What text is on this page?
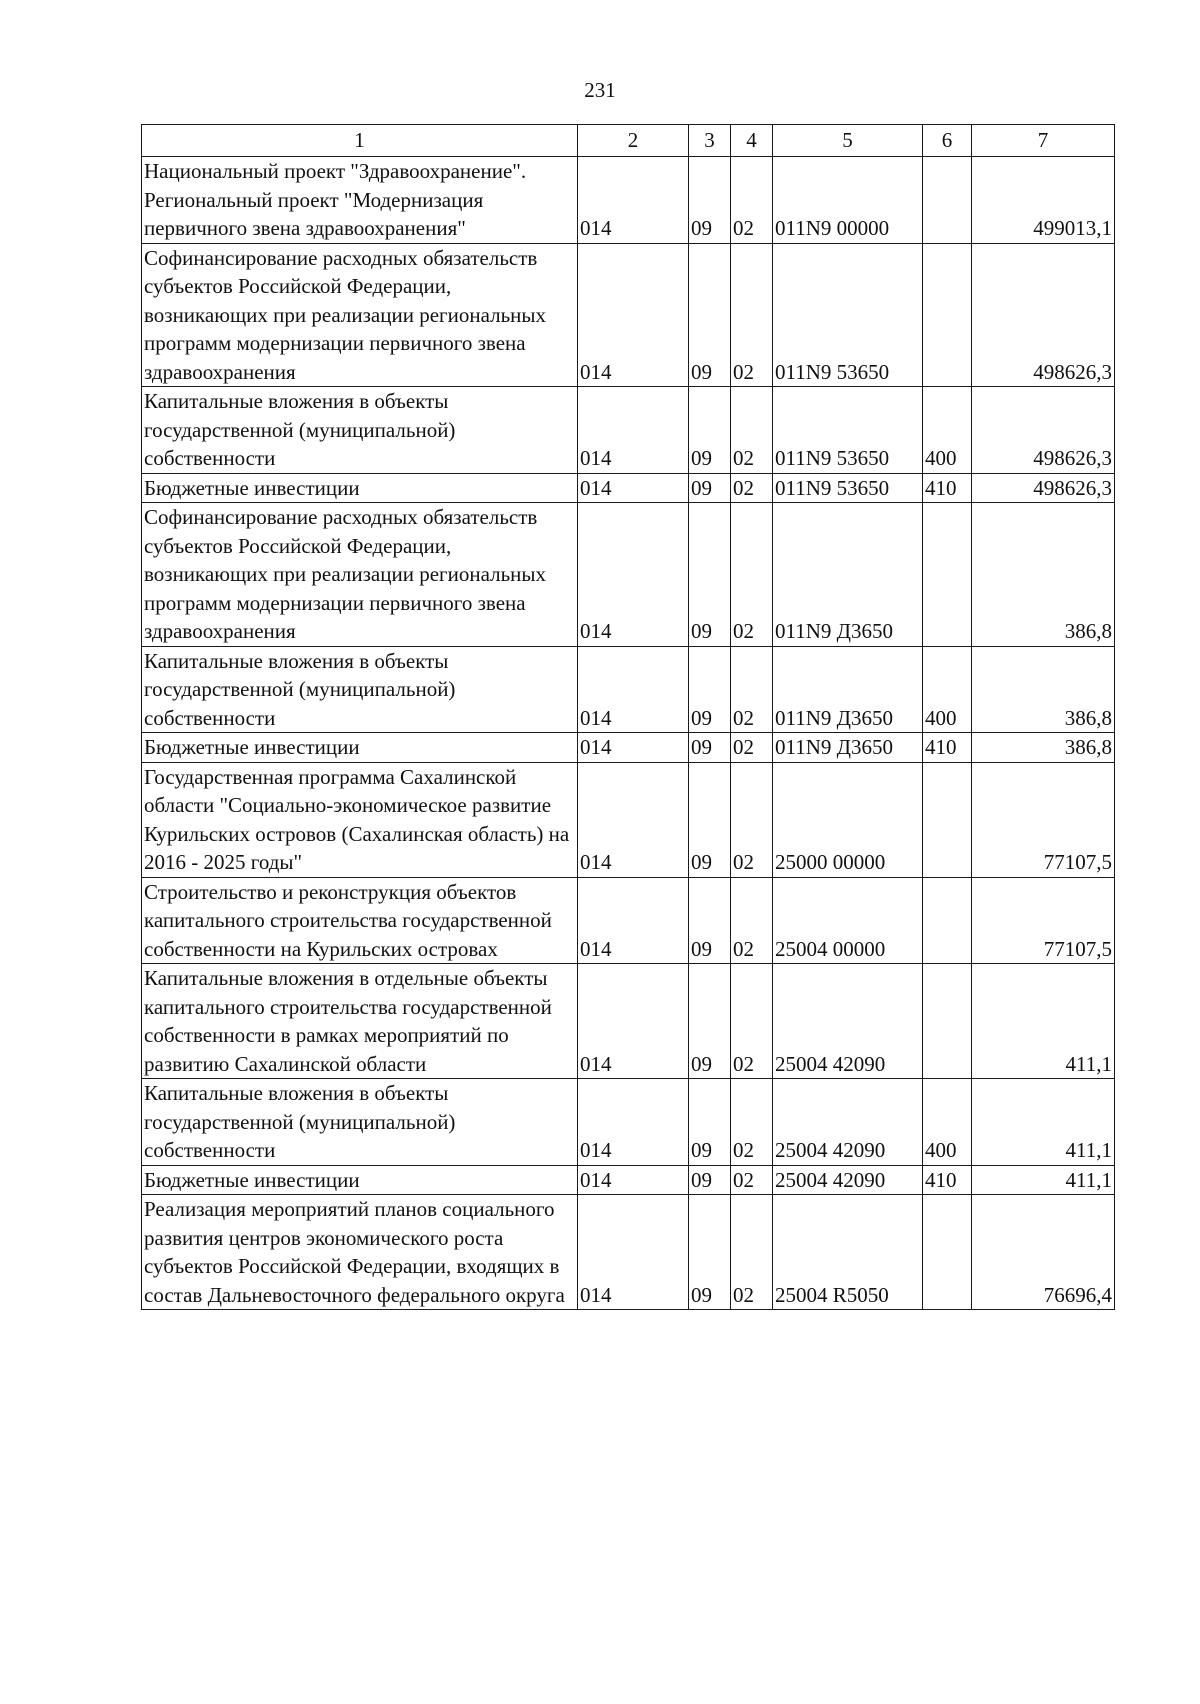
231
1	2	3	4	5	6	7
Национальный проект "Здравоохранение". Региональный проект "Модернизация первичного звена здравоохранения"	014	09	02	011N9 00000		499013,1
Софинансирование расходных обязательств субъектов Российской Федерации, возникающих при реализации региональных программ модернизации первичного звена здравоохранения	014	09	02	011N9 53650		498626,3
Капитальные вложения в объекты государственной (муниципальной) собственности	014	09	02	011N9 53650	400	498626,3
Бюджетные инвестиции	014	09	02	011N9 53650	410	498626,3
Софинансирование расходных обязательств субъектов Российской Федерации, возникающих при реализации региональных программ модернизации первичного звена здравоохранения	014	09	02	011N9 Д3650		386,8
Капитальные вложения в объекты государственной (муниципальной) собственности	014	09	02	011N9 Д3650	400	386,8
Бюджетные инвестиции	014	09	02	011N9 Д3650	410	386,8
Государственная программа Сахалинской области "Социально-экономическое развитие Курильских островов (Сахалинская область) на 2016 - 2025 годы"	014	09	02	25000 00000		77107,5
Строительство и реконструкция объектов капитального строительства государственной собственности на Курильских островах	014	09	02	25004 00000		77107,5
Капитальные вложения в отдельные объекты капитального строительства государственной собственности в рамках мероприятий по развитию Сахалинской области	014	09	02	25004 42090		411,1
Капитальные вложения в объекты государственной (муниципальной) собственности	014	09	02	25004 42090	400	411,1
Бюджетные инвестиции	014	09	02	25004 42090	410	411,1
Реализация мероприятий планов социального развития центров экономического роста субъектов Российской Федерации, входящих в состав Дальневосточного федерального округа	014	09	02	25004 R5050		76696,4
